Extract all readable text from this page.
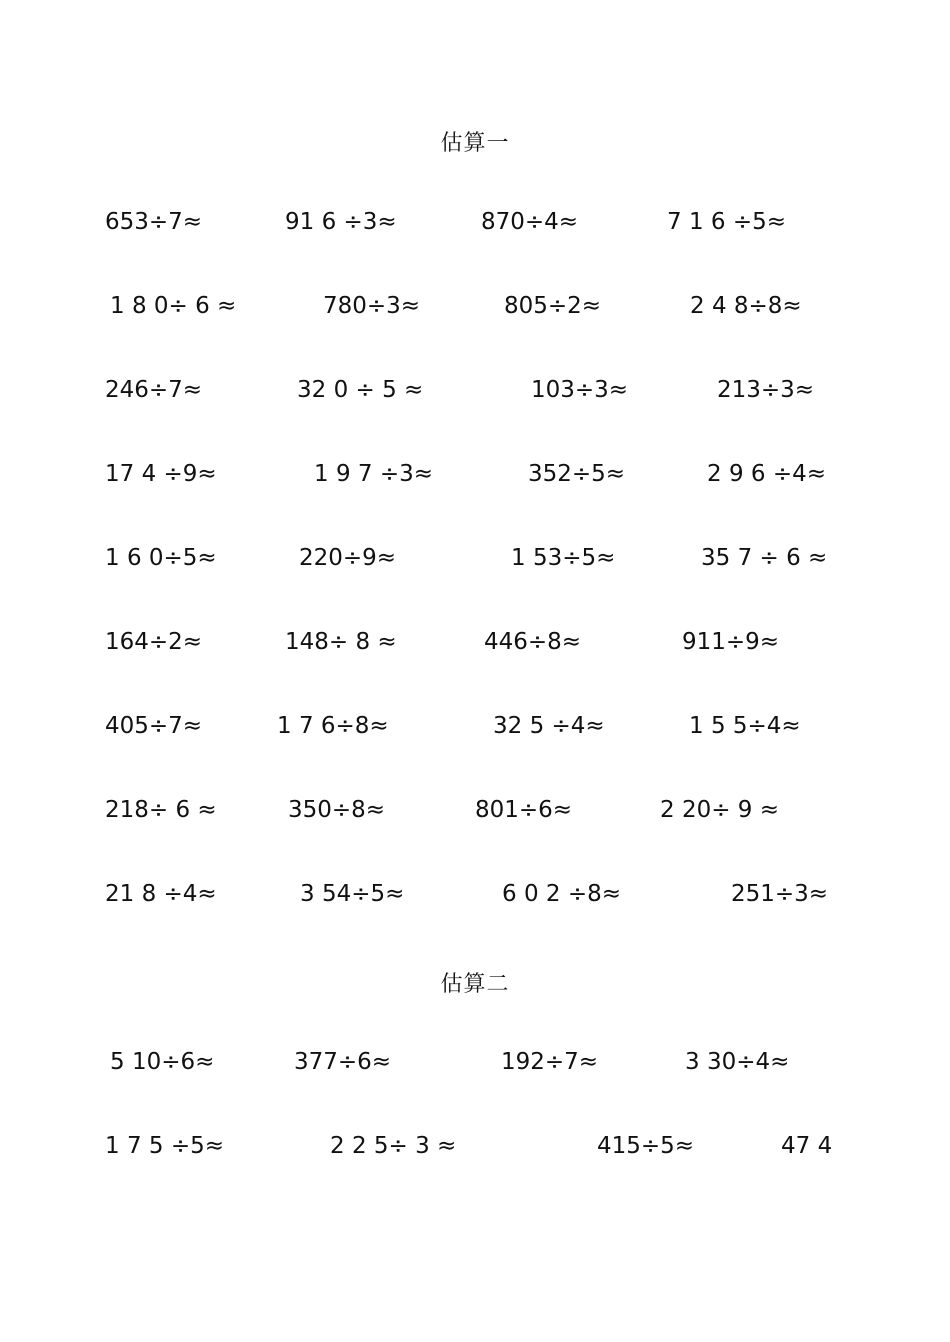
估算一
653÷7≈	91 6 ÷3≈	870÷4≈	7 1 6 ÷5≈
1 8 0÷ 6 ≈	780÷3≈	805÷2≈	2 4 8÷8≈
246÷7≈	32 0 ÷ 5 ≈	103÷3≈	213÷3≈
17 4 ÷9≈	1 9 7 ÷3≈	352÷5≈	2 9 6 ÷4≈
1 6 0÷5≈	220÷9≈	1 53÷5≈	35 7 ÷ 6 ≈
164÷2≈	148÷ 8 ≈	446÷8≈	911÷9≈
405÷7≈	1 7 6÷8≈	32 5 ÷4≈	1 5 5÷4≈
218÷ 6 ≈	350÷8≈	801÷6≈	2 20÷ 9 ≈
21 8 ÷4≈	3 54÷5≈	6 0 2 ÷8≈	251÷3≈
估算二
5 10÷6≈	377÷6≈	192÷7≈	3 30÷4≈
1 7 5 ÷5≈	2 2 5÷ 3 ≈	415÷5≈	47 4
